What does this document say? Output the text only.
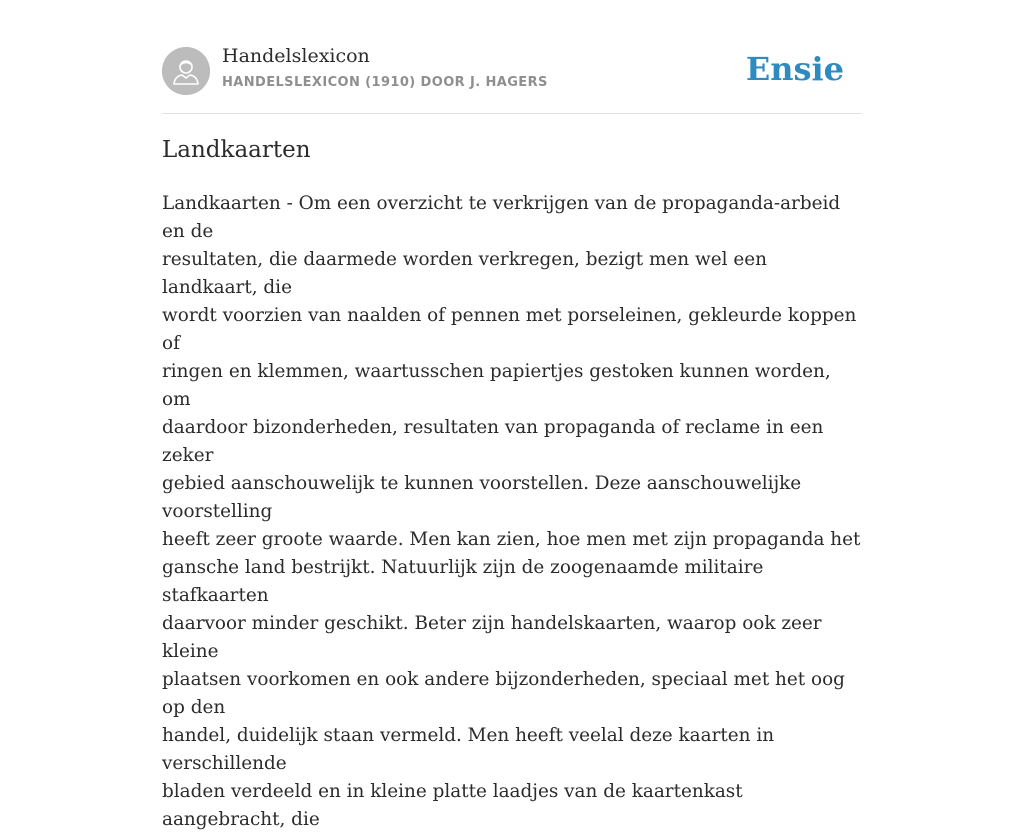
Handelslexicon
HANDELSLEXICON (1910) DOOR J. HAGERS	Ensie
Landkaarten

Landkaarten - Om een overzicht te verkrijgen van de propaganda-arbeid en de
resultaten, die daarmede worden verkregen, bezigt men wel een landkaart, die
wordt voorzien van naalden of pennen met porseleinen, gekleurde koppen of
ringen en klemmen, waartusschen papiertjes gestoken kunnen worden, om
daardoor bizonderheden, resultaten van propaganda of reclame in een zeker
gebied aanschouwelijk te kunnen voorstellen. Deze aanschouwelijke voorstelling
heeft zeer groote waarde. Men kan zien, hoe men met zijn propaganda het
gansche land bestrijkt. Natuurlijk zijn de zoogenaamde militaire stafkaarten
daarvoor minder geschikt. Beter zijn handelskaarten, waarop ook zeer kleine
plaatsen voorkomen en ook andere bijzonderheden, speciaal met het oog op den
handel, duidelijk staan vermeld. Men heeft veelal deze kaarten in verschillende
bladen verdeeld en in kleine platte laadjes van de kaartenkast aangebracht, die
